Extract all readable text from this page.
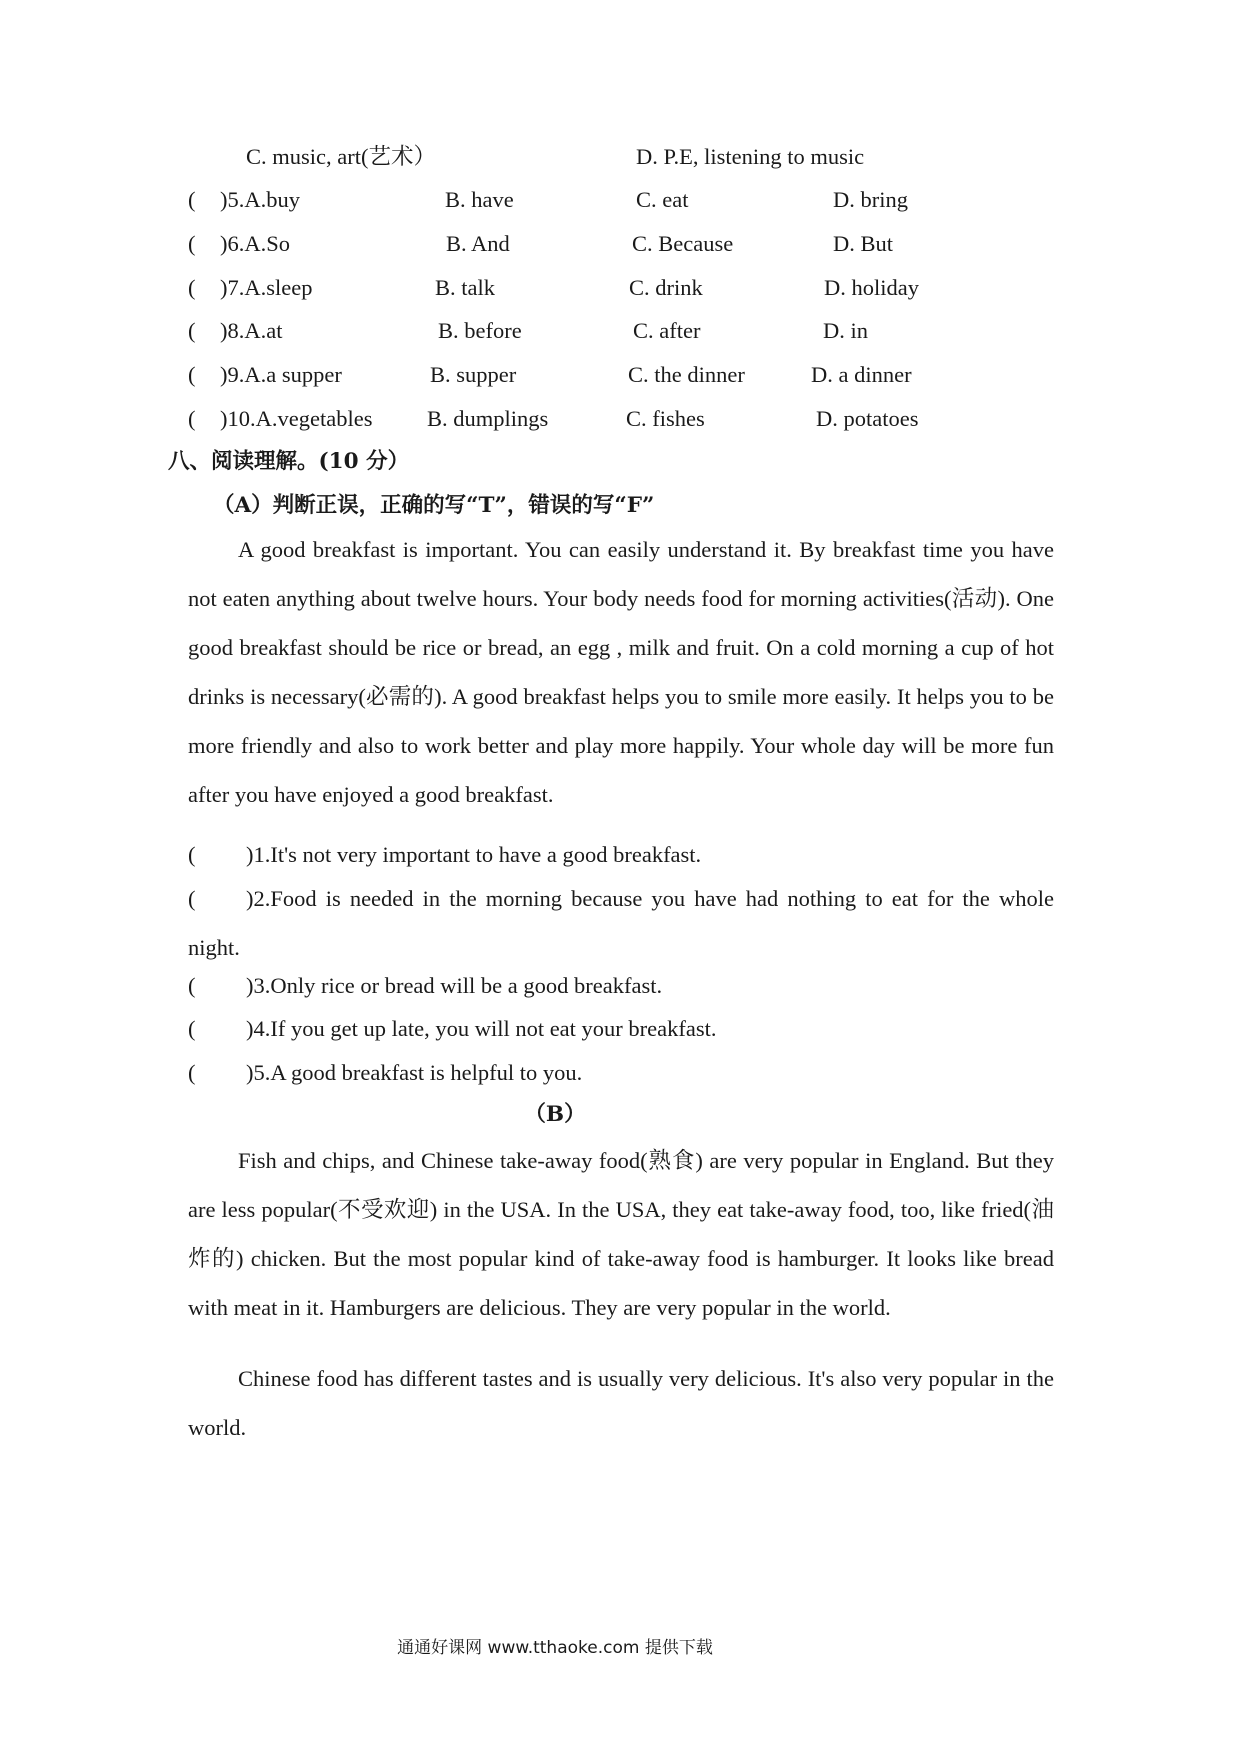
C. music, art(艺术）	D. P.E, listening to music
( )5.A.buy	B. have	C. eat	D. bring
( )6.A.So	B. And	C. Because	D. But
( )7.A.sleep	B. talk	C. drink	D. holiday
( )8.A.at	B. before	C. after	D. in
( )9.A.a supper	B. supper	C. the dinner	D. a dinner
( )10.A.vegetables B. dumplings	C. fishes	D. potatoes
八、阅读理解。(10 分）
（A）判断正误，正确的写“T”，错误的写“F”
A good breakfast is important. You can easily understand it. By breakfast time you have not eaten anything about twelve hours. Your body needs food for morning activities(活动). One good breakfast should be rice or bread, an egg , milk and fruit. On a cold morning a cup of hot drinks is necessary(必需的). A good breakfast helps you to smile more easily. It helps you to be more friendly and also to work better and play more happily. Your whole day will be more fun after you have enjoyed a good breakfast.
( )1.It's not very important to have a good breakfast.
( )2.Food is needed in the morning because you have had nothing to eat for the whole night.
( )3.Only rice or bread will be a good breakfast.
( )4.If you get up late, you will not eat your breakfast.
( )5.A good breakfast is helpful to you.
（B）
Fish and chips, and Chinese take-away food(熟食) are very popular in England. But they are less popular(不受欢迎) in the USA. In the USA, they eat take-away food, too, like fried(油炸的) chicken. But the most popular kind of take-away food is hamburger. It looks like bread with meat in it. Hamburgers are delicious. They are very popular in the world.
Chinese food has different tastes and is usually very delicious. It's also very popular in the world.
通通好课网 www.tthaoke.com 提供下载
